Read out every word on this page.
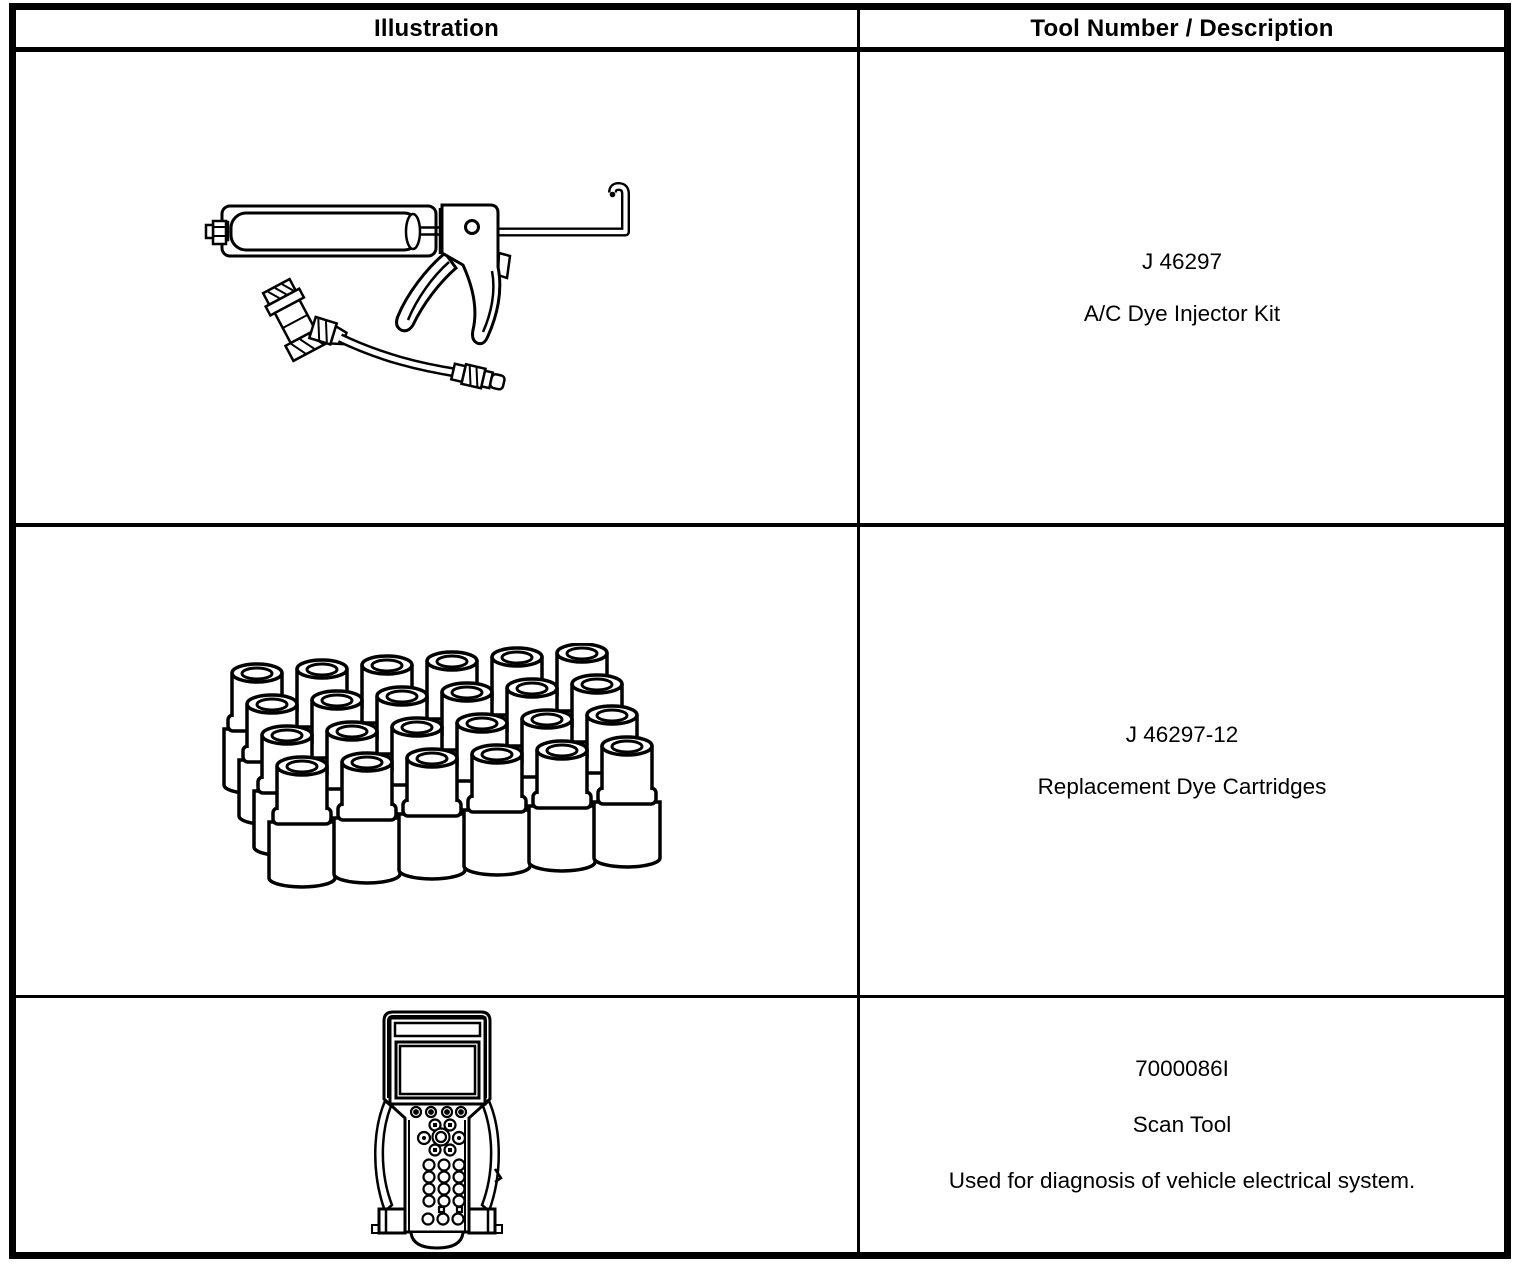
Illustration	Tool Number / Description
J 46297
A/C Dye Injector Kit
J 46297-12
Replacement Dye Cartridges
7000086I
Scan Tool
Used for diagnosis of vehicle electrical system.
